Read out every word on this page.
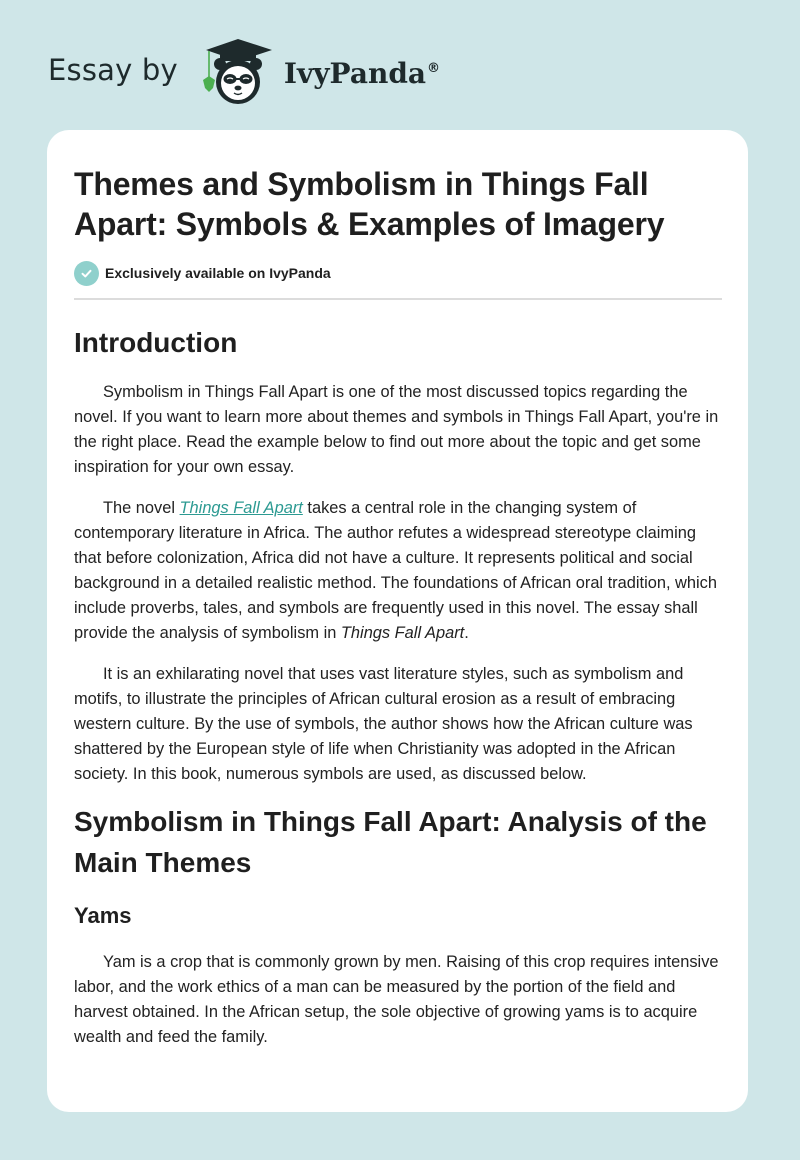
Essay by	IvyPanda®
Themes and Symbolism in Things Fall Apart: Symbols & Examples of Imagery
Exclusively available on IvyPanda
Introduction

Symbolism in Things Fall Apart is one of the most discussed topics regarding the novel. If you want to learn more about themes and symbols in Things Fall Apart, you're in the right place. Read the example below to find out more about the topic and get some inspiration for your own essay.

The novel Things Fall Apart takes a central role in the changing system of contemporary literature in Africa. The author refutes a widespread stereotype claiming that before colonization, Africa did not have a culture. It represents political and social background in a detailed realistic method. The foundations of African oral tradition, which include proverbs, tales, and symbols are frequently used in this novel. The essay shall provide the analysis of symbolism in Things Fall Apart.

It is an exhilarating novel that uses vast literature styles, such as symbolism and motifs, to illustrate the principles of African cultural erosion as a result of embracing western culture. By the use of symbols, the author shows how the African culture was shattered by the European style of life when Christianity was adopted in the African society. In this book, numerous symbols are used, as discussed below.

Symbolism in Things Fall Apart: Analysis of the Main Themes
Yams

Yam is a crop that is commonly grown by men. Raising of this crop requires intensive labor, and the work ethics of a man can be measured by the portion of the field and harvest obtained. In the African setup, the sole objective of growing yams is to acquire wealth and feed the family.
